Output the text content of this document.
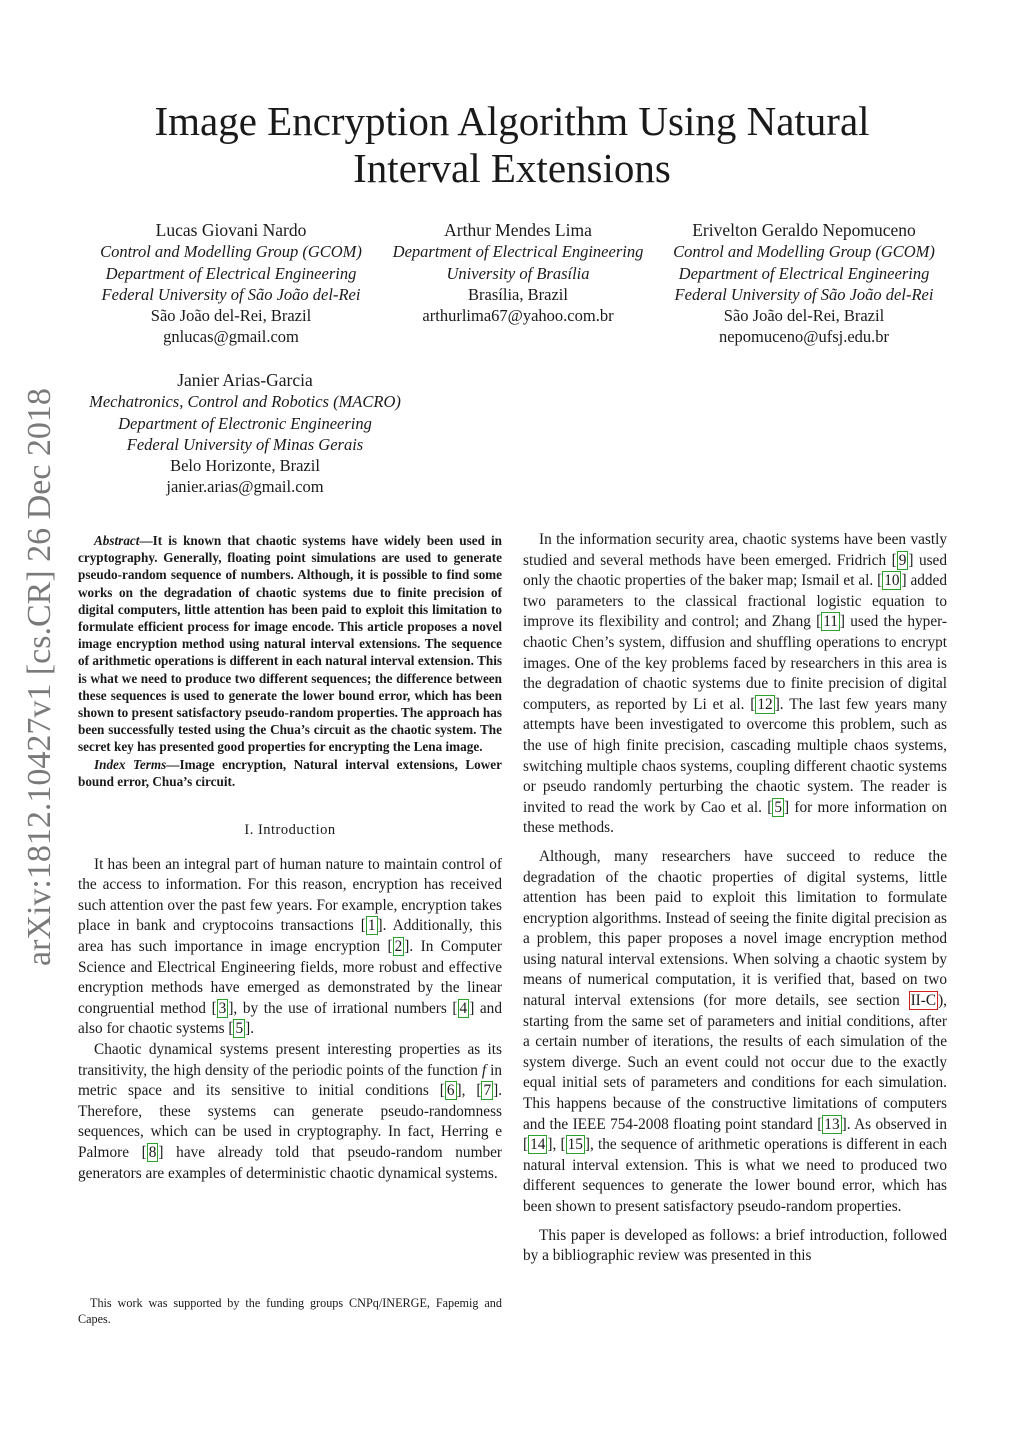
arXiv:1812.10427v1 [cs.CR] 26 Dec 2018
Image Encryption Algorithm Using Natural
Interval Extensions
Lucas Giovani Nardo
Control and Modelling Group (GCOM)
Department of Electrical Engineering
Federal University of São João del-Rei
São João del-Rei, Brazil
gnlucas@gmail.com
Arthur Mendes Lima
Department of Electrical Engineering
University of Brasília
Brasília, Brazil
arthurlima67@yahoo.com.br
Erivelton Geraldo Nepomuceno
Control and Modelling Group (GCOM)
Department of Electrical Engineering
Federal University of São João del-Rei
São João del-Rei, Brazil
nepomuceno@ufsj.edu.br
Janier Arias-Garcia
Mechatronics, Control and Robotics (MACRO)
Department of Electronic Engineering
Federal University of Minas Gerais
Belo Horizonte, Brazil
janier.arias@gmail.com

Abstract—It is known that chaotic systems have widely been used in cryptography. Generally, floating point simulations are used to generate pseudo-random sequence of numbers. Although, it is possible to find some works on the degradation of chaotic systems due to finite precision of digital computers, little attention has been paid to exploit this limitation to formulate efficient process for image encode. This article proposes a novel image encryption method using natural interval extensions. The sequence of arithmetic operations is different in each natural interval extension. This is what we need to produce two different sequences; the difference between these sequences is used to generate the lower bound error, which has been shown to present satisfactory pseudo-random properties. The approach has been successfully tested using the Chua’s circuit as the chaotic system. The secret key has presented good properties for encrypting the Lena image.

Index Terms—Image encryption, Natural interval extensions, Lower bound error, Chua’s circuit.

I. Introduction

It has been an integral part of human nature to maintain control of the access to information. For this reason, encryption has received such attention over the past few years. For example, encryption takes place in bank and cryptocoins transactions [ 1 ]. Additionally, this area has such importance in image encryption [ 2 ]. In Computer Science and Electrical Engineering fields, more robust and effective encryption methods have emerged as demonstrated by the linear congruential method [ 3 ], by the use of irrational numbers [ 4 ] and also for chaotic systems [ 5 ].

Chaotic dynamical systems present interesting properties as its transitivity, the high density of the periodic points of the function f in metric space and its sensitive to initial conditions [ 6 ], [ 7 ]. Therefore, these systems can generate pseudo-randomness sequences, which can be used in cryptography. In fact, Herring e Palmore [ 8 ] have already told that pseudo-random number generators are examples of deterministic chaotic dynamical systems.

This work was supported by the funding groups CNPq/INERGE, Fapemig and Capes.

In the information security area, chaotic systems have been vastly studied and several methods have been emerged. Fridrich [ 9 ] used only the chaotic properties of the baker map; Ismail et al. [ 10 ] added two parameters to the classical fractional logistic equation to improve its flexibility and control; and Zhang [ 11 ] used the hyper-chaotic Chen’s system, diffusion and shuffling operations to encrypt images. One of the key problems faced by researchers in this area is the degradation of chaotic systems due to finite precision of digital computers, as reported by Li et al. [ 12 ]. The last few years many attempts have been investigated to overcome this problem, such as the use of high finite precision, cascading multiple chaos systems, switching multiple chaos systems, coupling different chaotic systems or pseudo randomly perturbing the chaotic system. The reader is invited to read the work by Cao et al. [ 5 ] for more information on these methods.

Although, many researchers have succeed to reduce the degradation of the chaotic properties of digital systems, little attention has been paid to exploit this limitation to formulate encryption algorithms. Instead of seeing the finite digital precision as a problem, this paper proposes a novel image encryption method using natural interval extensions. When solving a chaotic system by means of numerical computation, it is verified that, based on two natural interval extensions (for more details, see section II-C ), starting from the same set of parameters and initial conditions, after a certain number of iterations, the results of each simulation of the system diverge. Such an event could not occur due to the exactly equal initial sets of parameters and conditions for each simulation. This happens because of the constructive limitations of computers and the IEEE 754-2008 floating point standard [ 13 ]. As observed in [ 14 ], [ 15 ], the sequence of arithmetic operations is different in each natural interval extension. This is what we need to produced two different sequences to generate the lower bound error, which has been shown to present satisfactory pseudo-random properties.

This paper is developed as follows: a brief introduction, followed by a bibliographic review was presented in this
